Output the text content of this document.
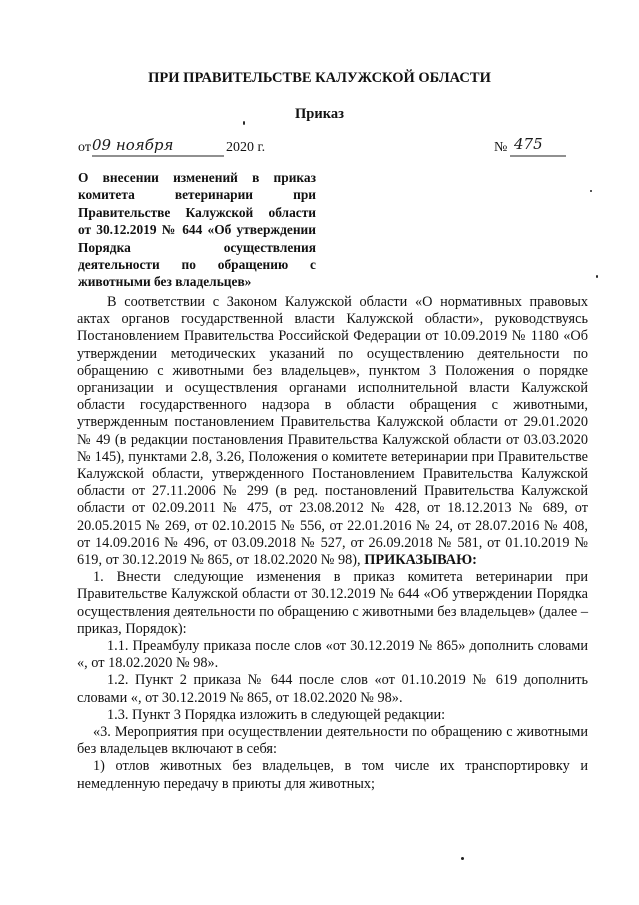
ПРИ ПРАВИТЕЛЬСТВЕ КАЛУЖСКОЙ ОБЛАСТИ
Приказ
от 09 ноября	2020 г.	№ 475
О внесении изменений в приказ
комитета ветеринарии при
Правительстве Калужской области
от 30.12.2019 № 644 «Об утверждении
Порядка осуществления
деятельности по обращению с
животными без владельцев»

В соответствии с Законом Калужской области «О нормативных правовых актах органов государственной власти Калужской области», руководствуясь Постановлением Правительства Российской Федерации от 10.09.2019 № 1180 «Об утверждении методических указаний по осуществлению деятельности по обращению с животными без владельцев», пунктом 3 Положения о порядке организации и осуществления органами исполнительной власти Калужской области государственного надзора в области обращения с животными, утвержденным постановлением Правительства Калужской области от 29.01.2020 № 49 (в редакции постановления Правительства Калужской области от 03.03.2020 № 145), пунктами 2.8, 3.26, Положения о комитете ветеринарии при Правительстве Калужской области, утвержденного Постановлением Правительства Калужской области от 27.11.2006 № 299 (в ред. постановлений Правительства Калужской области от 02.09.2011 № 475, от 23.08.2012 № 428, от 18.12.2013 № 689, от 20.05.2015 № 269, от 02.10.2015 № 556, от 22.01.2016 № 24, от 28.07.2016 № 408, от 14.09.2016 № 496, от 03.09.2018 № 527, от 26.09.2018 № 581, от 01.10.2019 № 619, от 30.12.2019 № 865, от 18.02.2020 № 98), ПРИКАЗЫВАЮ:

1. Внести следующие изменения в приказ комитета ветеринарии при Правительстве Калужской области от 30.12.2019 № 644 «Об утверждении Порядка осуществления деятельности по обращению с животными без владельцев» (далее – приказ, Порядок):

1.1. Преамбулу приказа после слов «от 30.12.2019 № 865» дополнить словами «, от 18.02.2020 № 98».

1.2. Пункт 2 приказа № 644 после слов «от 01.10.2019 № 619 дополнить словами «, от 30.12.2019 № 865, от 18.02.2020 № 98».

1.3. Пункт 3 Порядка изложить в следующей редакции:

«3. Мероприятия при осуществлении деятельности по обращению с животными без владельцев включают в себя:

1) отлов животных без владельцев, в том числе их транспортировку и немедленную передачу в приюты для животных;
